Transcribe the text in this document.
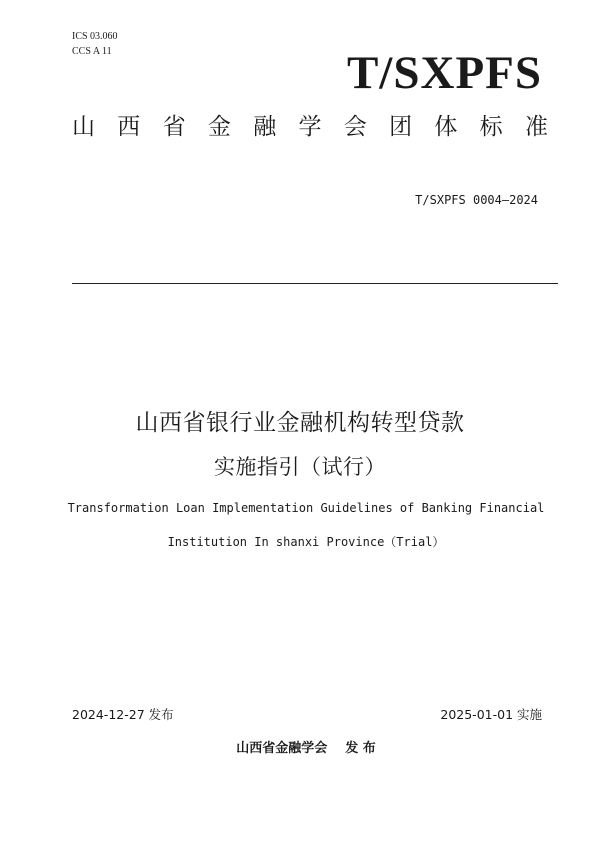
ICS 03.060
CCS A 11	T/SXPFS
山 西 省 金 融 学 会 团 体 标 准
T/SXPFS 0004—2024
山西省银行业金融机构转型贷款
实施指引（试行）
Transformation Loan Implementation Guidelines of Banking Financial
Institution In shanxi Province（Trial）
2024-12-27 发布	2025-01-01 实施
山西省金融学会 发 布
